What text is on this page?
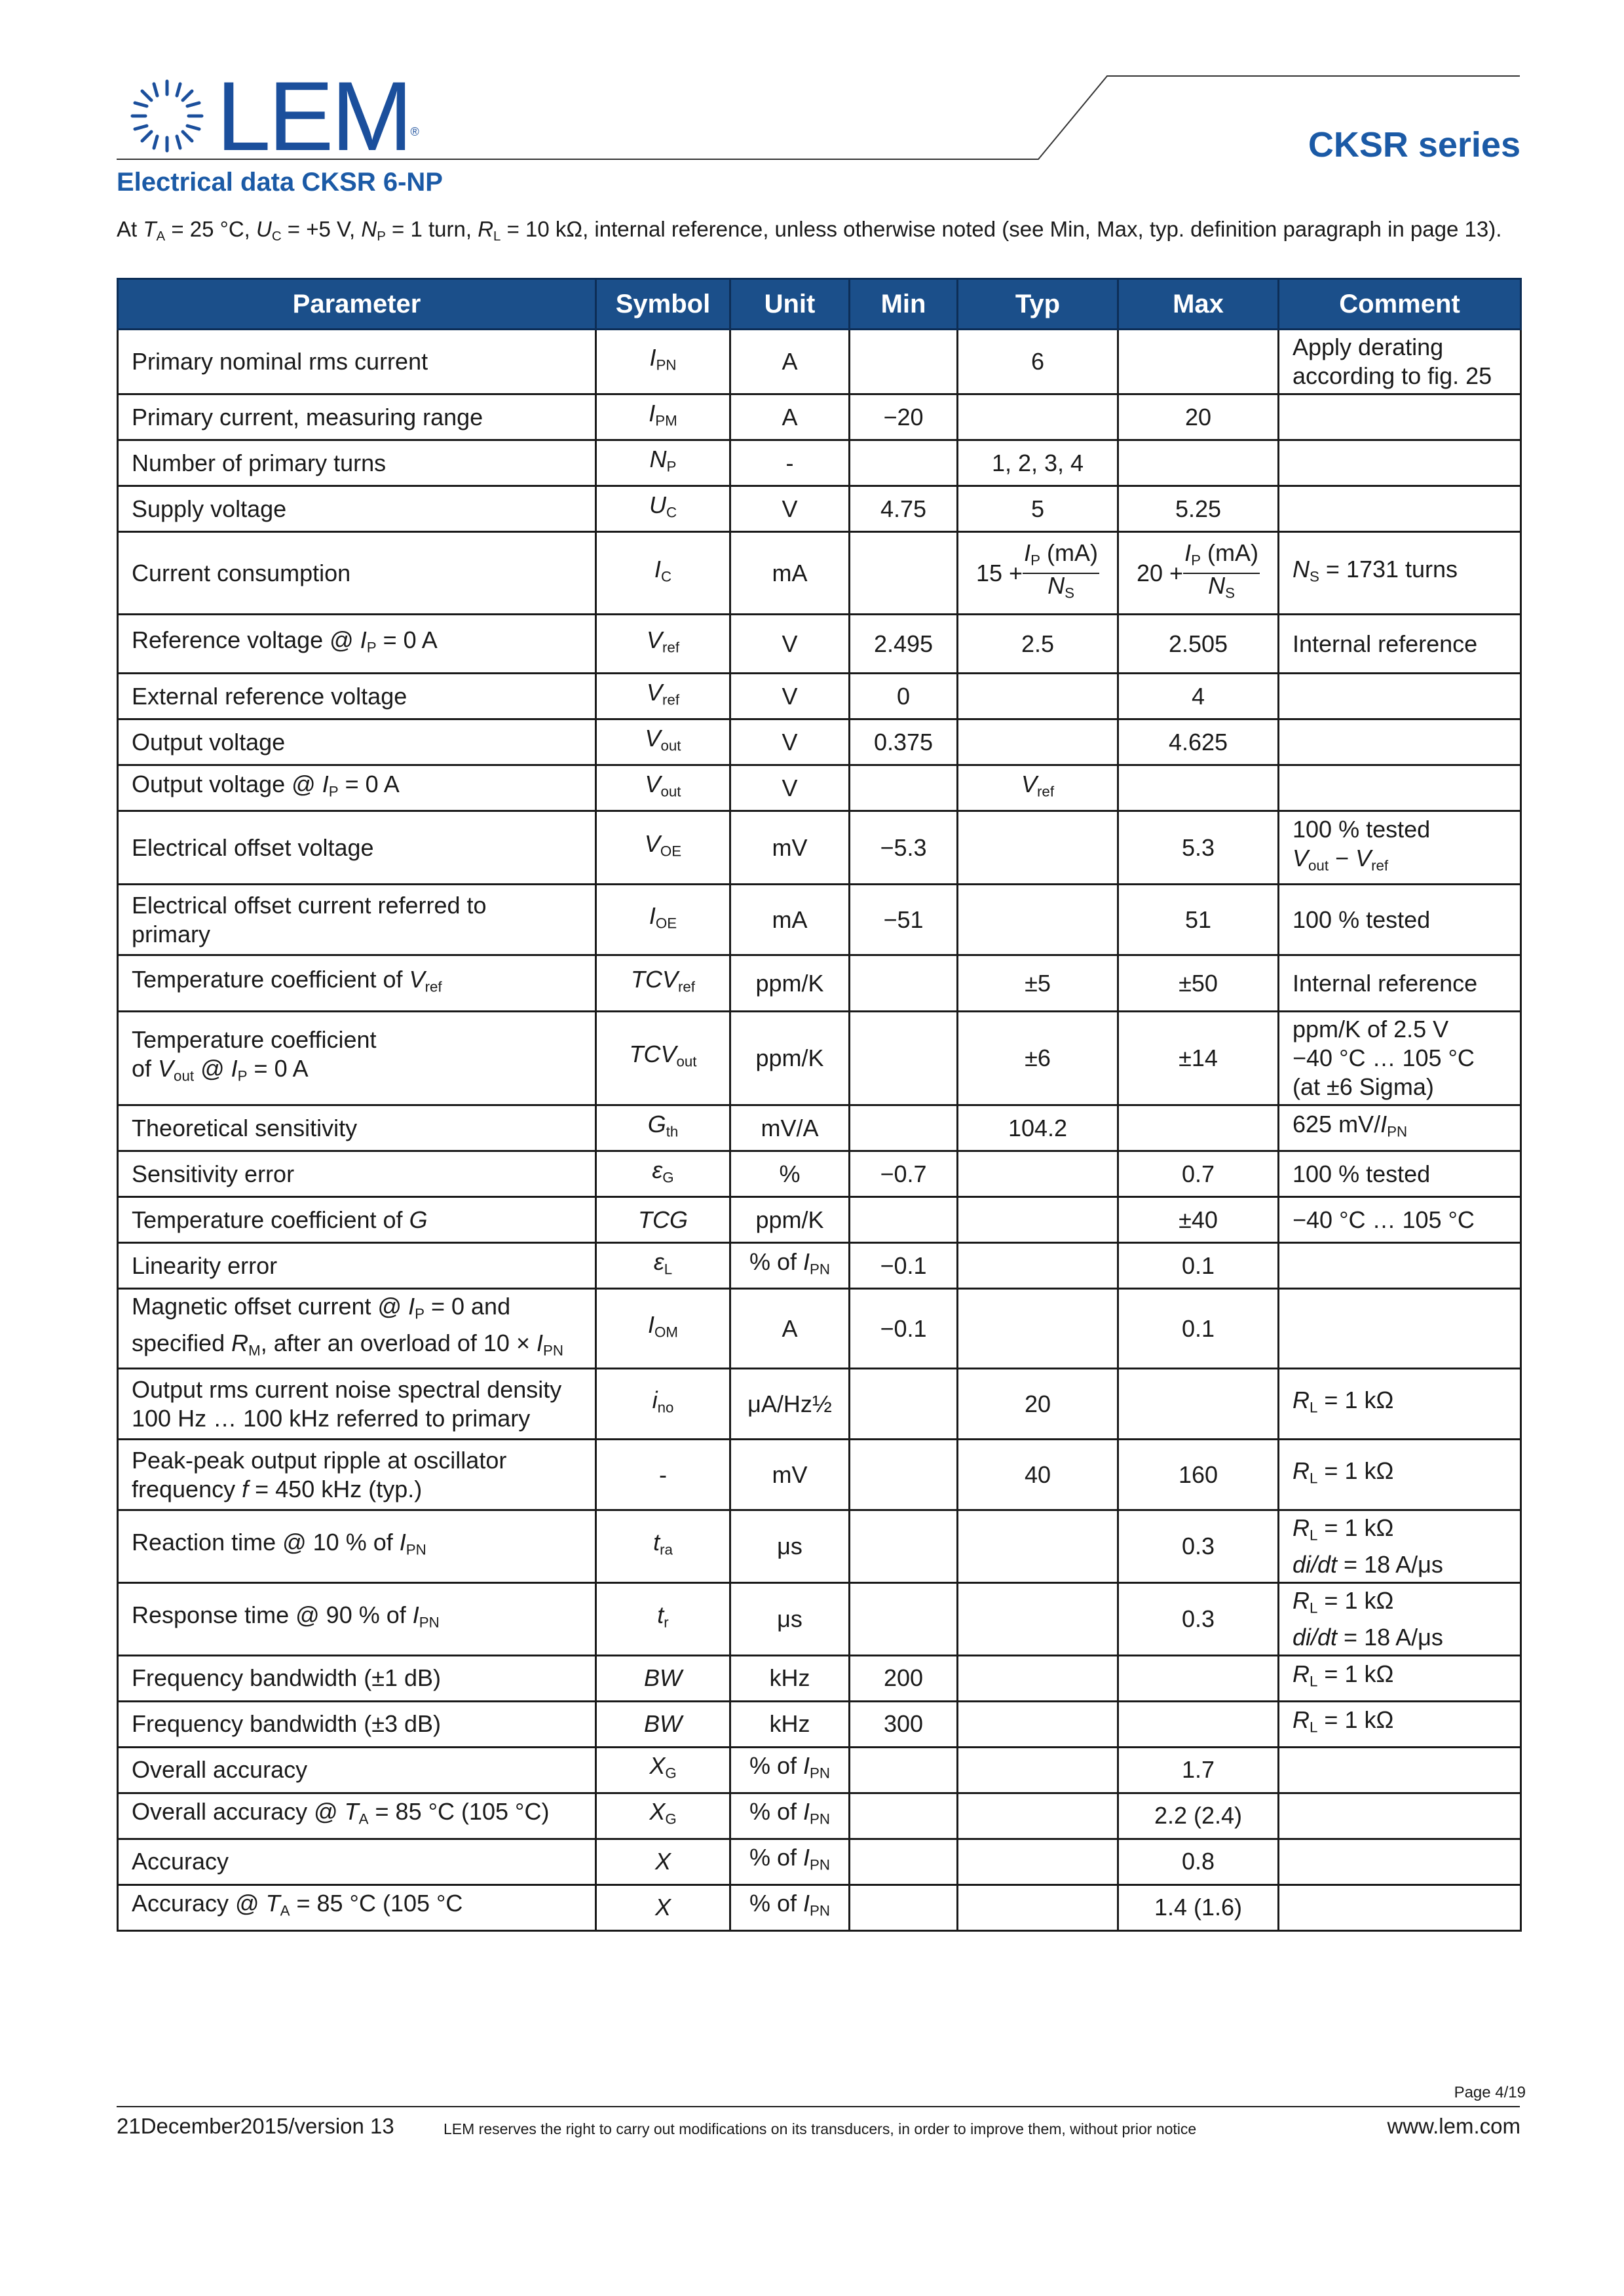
LEM®	CKSR series
Electrical data CKSR 6-NP
At $T_A = 25$ °C, $U_C = +5$ V, $N_P = 1$ turn, $R_L = 10$ kΩ, internal reference, unless otherwise noted (see Min, Max, typ. definition paragraph in page 13).
Parameter	Symbol	Unit	Min	Typ	Max	Comment
Primary nominal rms current	$I_{PN}$	A		6		Apply derating
according to fig. 25
Primary current, measuring range	$I_{PM}$	A	−20		20	
Number of primary turns	$N_P$	-		1, 2, 3, 4		
Supply voltage	$U_C$	V	4.75	5	5.25	
Current consumption	$I_C$	mA		$15 + \frac{I_P (mA)}{N_S}$	$20 + \frac{I_P (mA)}{N_S}$	$N_S = 1731$ turns
Reference voltage @ $I_P = 0$ A	$V_{ref}$	V	2.495	2.5	2.505	Internal reference
External reference voltage	$V_{ref}$	V	0		4	
Output voltage	$V_{out}$	V	0.375		4.625	
Output voltage @ $I_P = 0$ A	$V_{out}$	V		$V_{ref}$		
Electrical offset voltage	$V_{OE}$	mV	−5.3		5.3	100 % tested
$V_{out} - V_{ref}$
Electrical offset current referred to
primary	$I_{OE}$	mA	−51		51	100 % tested
Temperature coefficient of $V_{ref}$	$TCV_{ref}$	ppm/K		±5	±50	Internal reference
Temperature coefficient
of $V_{out}$ @ $I_P = 0$ A	$TCV_{out}$	ppm/K		±6	±14	ppm/K of 2.5 V
−40 °C … 105 °C
(at ±6 Sigma)
Theoretical sensitivity	$G_{th}$	mV/A		104.2		625 $mV/I_{PN}$
Sensitivity error	$\varepsilon_G$	%	−0.7		0.7	100 % tested
Temperature coefficient of G	TCG	ppm/K			±40	−40 °C … 105 °C
Linearity error	$\varepsilon_L$	% of $I_{PN}$	−0.1		0.1	
Magnetic offset current @ $I_P = 0$ and
specified $R_M$, after an overload of $10 \times I_{PN}$	$I_{OM}$	A	−0.1		0.1	
Output rms current noise spectral density
100 Hz … 100 kHz referred to primary	$i_{no}$	μA/Hz½		20		$R_L = 1$ kΩ
Peak-peak output ripple at oscillator
frequency f = 450 kHz (typ.)	-	mV		40	160	$R_L = 1$ kΩ
Reaction time @ 10 % of $I_{PN}$	$t_{ra}$	μs			0.3	$R_L = 1$ kΩ
di/dt = 18 A/μs
Response time @ 90 % of $I_{PN}$	$t_r$	μs			0.3	$R_L = 1$ kΩ
di/dt = 18 A/μs
Frequency bandwidth (±1 dB)	BW	kHz	200			$R_L = 1$ kΩ
Frequency bandwidth (±3 dB)	BW	kHz	300			$R_L = 1$ kΩ
Overall accuracy	$X_G$	% of $I_{PN}$			1.7	
Overall accuracy @ $T_A = 85$ °C (105 °C)	$X_G$	% of $I_{PN}$			2.2 (2.4)	
Accuracy	X	% of $I_{PN}$			0.8	
Accuracy @ $T_A = 85$ °C (105 °C	X	% of $I_{PN}$			1.4 (1.6)	
Page 4/19
21December2015/version 13	LEM reserves the right to carry out modifications on its transducers, in order to improve them, without prior notice	www.lem.com
